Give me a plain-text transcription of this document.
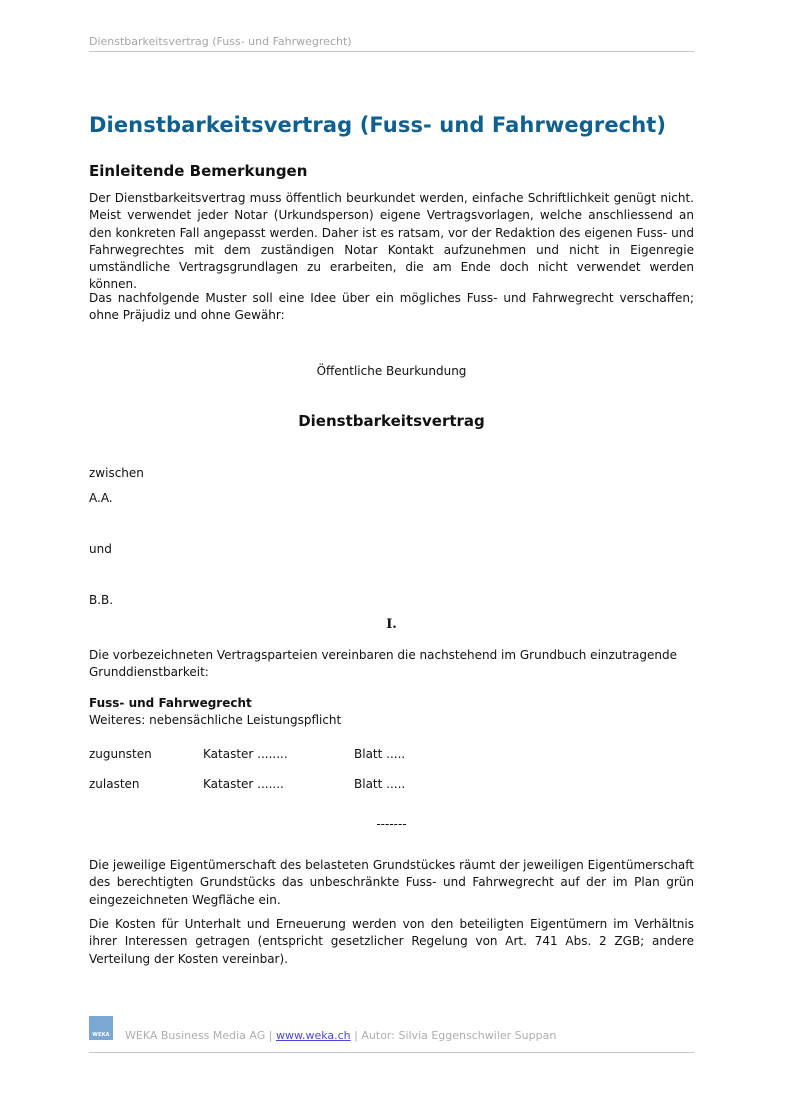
Dienstbarkeitsvertrag (Fuss- und Fahrwegrecht)
Dienstbarkeitsvertrag (Fuss- und Fahrwegrecht)
Einleitende Bemerkungen
Der Dienstbarkeitsvertrag muss öffentlich beurkundet werden, einfache Schriftlichkeit genügt nicht. Meist verwendet jeder Notar (Urkundsperson) eigene Vertragsvorlagen, welche anschliessend an den konkreten Fall angepasst werden. Daher ist es ratsam, vor der Redaktion des eigenen Fuss- und Fahrwegrechtes mit dem zuständigen Notar Kontakt aufzunehmen und nicht in Eigenregie umständliche Vertragsgrundlagen zu erarbeiten, die am Ende doch nicht verwendet werden können.
Das nachfolgende Muster soll eine Idee über ein mögliches Fuss- und Fahrwegrecht verschaffen; ohne Präjudiz und ohne Gewähr:
Öffentliche Beurkundung
Dienstbarkeitsvertrag
zwischen
A.A.
und
B.B.
I.
Die vorbezeichneten Vertragsparteien vereinbaren die nachstehend im Grundbuch einzutragende Grunddienstbarkeit:
Fuss- und Fahrwegrecht
Weiteres: nebensächliche Leistungspflicht
zugunsten	Kataster ........	Blatt .....
zulasten	Kataster .......	Blatt .....
-------
Die jeweilige Eigentümerschaft des belasteten Grundstückes räumt der jeweiligen Eigentümerschaft des berechtigten Grundstücks das unbeschränkte Fuss- und Fahrwegrecht auf der im Plan grün eingezeichneten Wegfläche ein.
Die Kosten für Unterhalt und Erneuerung werden von den beteiligten Eigentümern im Verhältnis ihrer Interessen getragen (entspricht gesetzlicher Regelung von Art. 741 Abs. 2 ZGB; andere Verteilung der Kosten vereinbar).
WEKA WEKA Business Media AG | www.weka.ch | Autor: Silvia Eggenschwiler Suppan
